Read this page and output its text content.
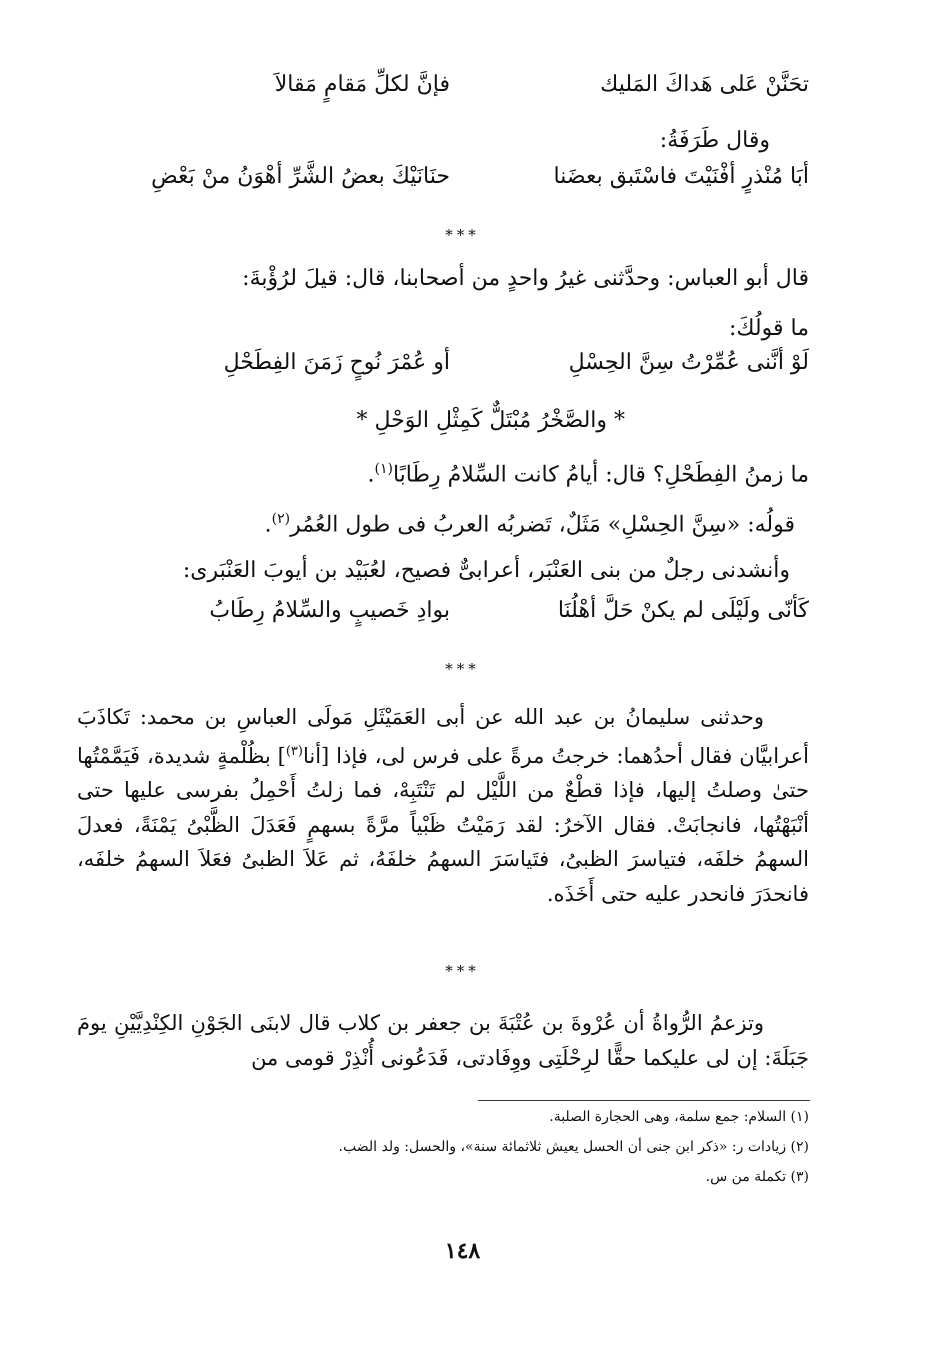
تحَنَّنْ عَلى هَداكَ المَليك
فإنَّ لكلِّ مَقامٍ مَقالاَ
وقال طَرَفَةُ:
أبَا مُنْذرٍ أفْنَيْتَ فاسْتَبق بعضَنا
حنَانَيْكَ بعضُ الشَّرِّ أهْوَنُ منْ بَعْضِ
***
قال أبو العباس: وحدَّثنى غيرُ واحدٍ من أصحابنا، قال: قيلَ لرُؤْبةَ:
ما قولُكَ:
لَوْ أنَّنى عُمِّرْتُ سِنَّ الحِسْلِ
أو عُمْرَ نُوحٍ زَمَنَ الفِطَحْلِ
* والصَّخْرُ مُبْتَلٌّ كَمِثْلِ الوَحْلِ *
ما زمنُ الفِطَحْلِ؟ قال: أيامُ كانت السِّلامُ رِطَابًا$^{(١)}$.
قولُه: «سِنَّ الحِسْلِ» مَثَلٌ، تَضربُه العربُ فى طول العُمُر$^{(٢)}$.
وأنشدنى رجلٌ من بنى العَنْبَر، أعرابىٌّ فصيح، لعُبَيْد بن أيوبَ العَنْبَرى:
كَأنّى ولَيْلَى لم يكنْ حَلَّ أهْلُنَا
بوادِ خَصيبٍ والسِّلامُ رِطَابُ
***
وحدثنى سليمانُ بن عبد الله عن أبى العَمَيْثَلِ مَولَى العباسِ بن محمد: تَكاذَبَ أعرابيَّان فقال أحدُهما: خرجتُ مرةً على فرس لى، فإذا [أنا$^{(٣)}$] بظُلْمةٍ شديدة، فَيَمَّمْتُها حتىٰ وصلتُ إليها، فإذا قطْعٌ من اللَّيْل لم تَنْتَبِهْ، فما زلتُ أَحْمِلُ بفرسى عليها حتى أنْبَهْتُها، فانجابَتْ. فقال الآخرُ: لقد رَمَيْتُ ظَبْياً مرَّةً بسهمٍ فَعَدَلَ الظَّبْىُ يَمْنَةً، فعدلَ السهمُ خلفَه، فتياسرَ الظبىُ، فتَياسَرَ السهمُ خلفَهُ، ثم عَلاَ الظبىُ فعَلاَ السهمُ خلفَه، فانحدَرَ فانحدر عليه حتى أَخَذَه.
***
وتزعمُ الرُّواةُ أن عُرْوةَ بن عُتْبَةَ بن جعفر بن كلاب قال لابنَى الجَوْنِ الكِنْدِيَّيْنِ يومَ جَبَلَةَ: إن لى عليكما حقًّا لرِحْلَتِى ووِفَادتى، فَدَعُونى أُنْذِرْ قومى من
(١) السلام: جمع سلمة، وهى الحجارة الصلبة.
(٢) زيادات ر: «ذكر ابن جنى أن الحسل يعيش ثلاثمائة سنة»، والحسل: ولد الضب.
(٣) تكملة من س.
١٤٨
